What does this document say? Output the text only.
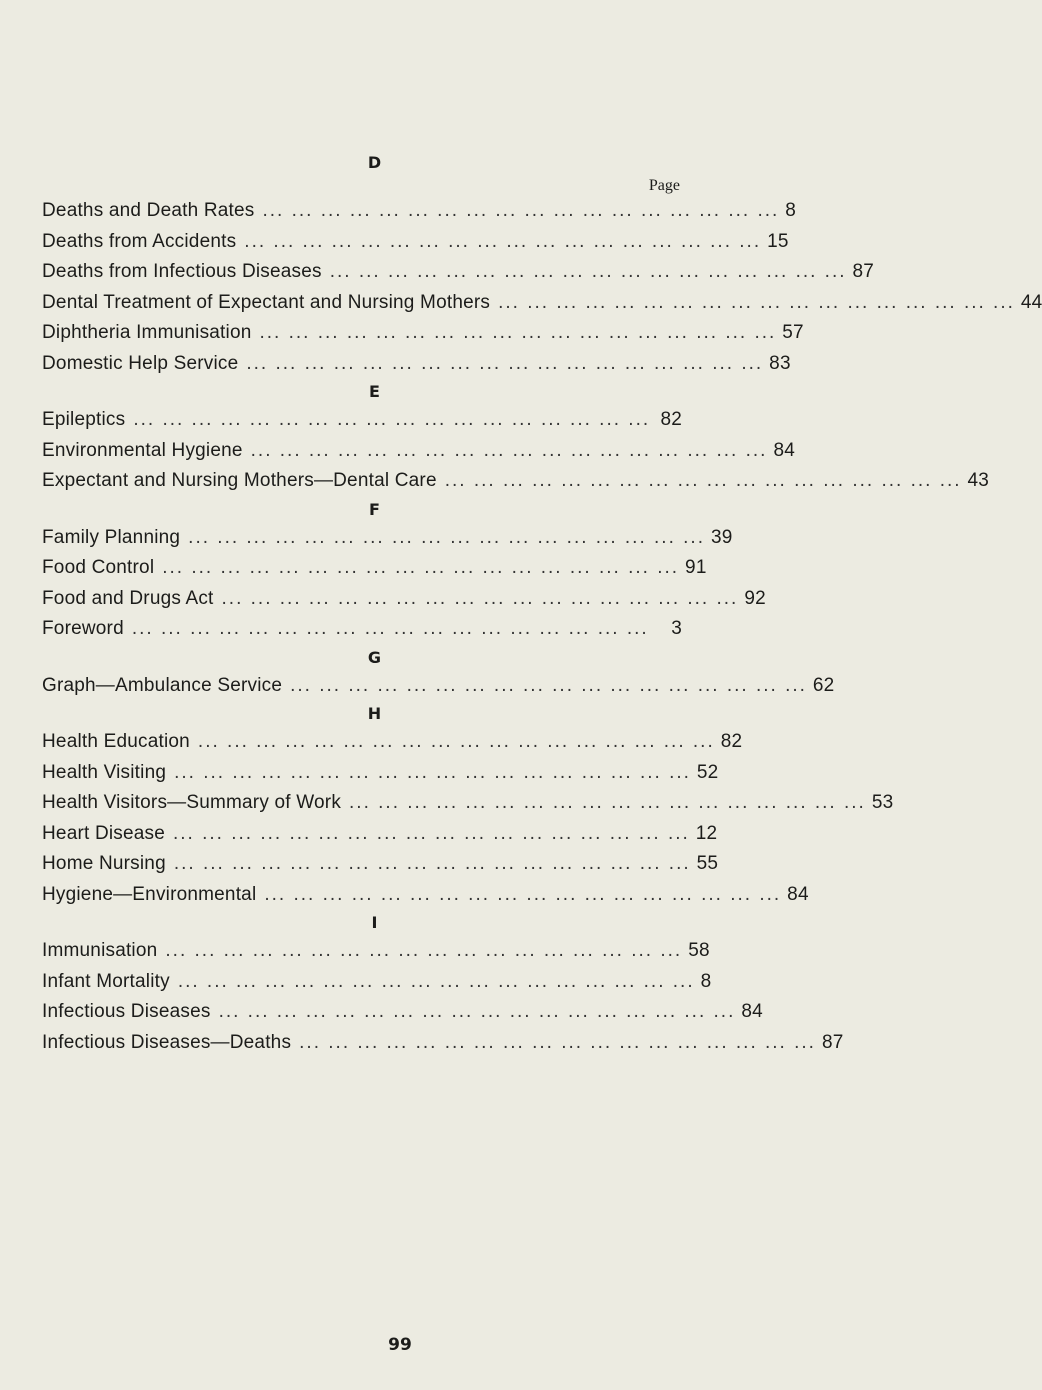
D
Page
Deaths and Death Rates ... ... ... ... ... ... ... ... ... ... ... ... ... ... ... ... ... ... 8
Deaths from Accidents ... ... ... ... ... ... ... ... ... ... ... ... ... ... ... ... ... ... 15
Deaths from Infectious Diseases ... ... ... ... ... ... ... ... ... ... ... ... ... ... ... ... ... ... 87
Dental Treatment of Expectant and Nursing Mothers ... ... ... ... ... ... ... ... ... ... ... ... ... ... ... ... ... ... 44
Diphtheria Immunisation ... ... ... ... ... ... ... ... ... ... ... ... ... ... ... ... ... ... 57
Domestic Help Service ... ... ... ... ... ... ... ... ... ... ... ... ... ... ... ... ... ... 83
E
Epileptics ... ... ... ... ... ... ... ... ... ... ... ... ... ... ... ... ... ... 82
Environmental Hygiene ... ... ... ... ... ... ... ... ... ... ... ... ... ... ... ... ... ... 84
Expectant and Nursing Mothers—Dental Care ... ... ... ... ... ... ... ... ... ... ... ... ... ... ... ... ... ... 43
F
Family Planning ... ... ... ... ... ... ... ... ... ... ... ... ... ... ... ... ... ... 39
Food Control ... ... ... ... ... ... ... ... ... ... ... ... ... ... ... ... ... ... 91
Food and Drugs Act ... ... ... ... ... ... ... ... ... ... ... ... ... ... ... ... ... ... 92
Foreword ... ... ... ... ... ... ... ... ... ... ... ... ... ... ... ... ... ...	3
G
Graph—Ambulance Service ... ... ... ... ... ... ... ... ... ... ... ... ... ... ... ... ... ... 62
H
Health Education ... ... ... ... ... ... ... ... ... ... ... ... ... ... ... ... ... ... 82
Health Visiting ... ... ... ... ... ... ... ... ... ... ... ... ... ... ... ... ... ... 52
Health Visitors—Summary of Work ... ... ... ... ... ... ... ... ... ... ... ... ... ... ... ... ... ... 53
Heart Disease ... ... ... ... ... ... ... ... ... ... ... ... ... ... ... ... ... ... 12
Home Nursing ... ... ... ... ... ... ... ... ... ... ... ... ... ... ... ... ... ... 55
Hygiene—Environmental ... ... ... ... ... ... ... ... ... ... ... ... ... ... ... ... ... ... 84
I
Immunisation ... ... ... ... ... ... ... ... ... ... ... ... ... ... ... ... ... ... 58
Infant Mortality ... ... ... ... ... ... ... ... ... ... ... ... ... ... ... ... ... ... 8
Infectious Diseases ... ... ... ... ... ... ... ... ... ... ... ... ... ... ... ... ... ... 84
Infectious Diseases—Deaths ... ... ... ... ... ... ... ... ... ... ... ... ... ... ... ... ... ... 87
99
